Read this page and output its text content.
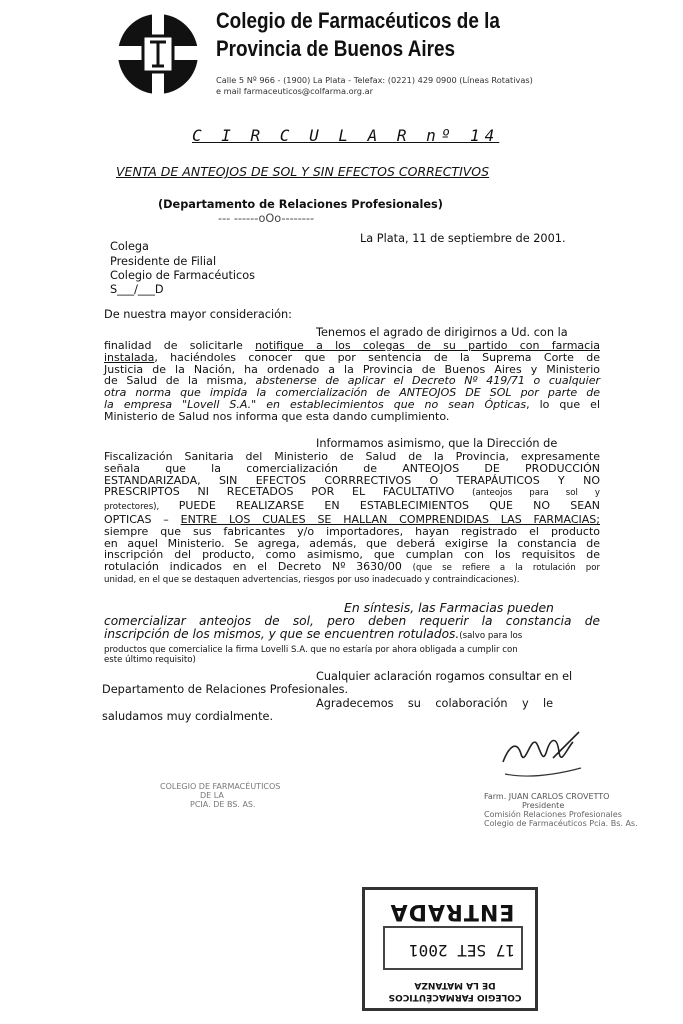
Colegio de Farmacéuticos de la
Provincia de Buenos Aires
Calle 5 Nº 966 - (1900) La Plata - Telefax: (0221) 429 0900 (Líneas Rotativas)
e mail farmaceuticos@colfarma.org.ar
C I R C U L A R nº 14
VENTA DE ANTEOJOS DE SOL Y SIN EFECTOS CORRECTIVOS
(Departamento de Relaciones Profesionales)
--- ------oOo--------
La Plata, 11 de septiembre de 2001.
Colega
Presidente de Filial
Colegio de Farmacéuticos
S___/___D
De nuestra mayor consideración:
Tenemos el agrado de dirigirnos a Ud. con la
finalidad de solicitarle notifique a los colegas de su partido con farmacia
instalada, haciéndoles conocer que por sentencia de la Suprema Corte de
Justicia de la Nación, ha ordenado a la Provincia de Buenos Aires y Ministerio
de Salud de la misma, abstenerse de aplicar el Decreto Nº 419/71 o cualquier
otra norma que impida la comercialización de ANTEOJOS DE SOL por parte de
la empresa "Lovell S.A." en establecimientos que no sean Ópticas, lo que el
Ministerio de Salud nos informa que esta dando cumplimiento.
Informamos asimismo, que la Dirección de
Fiscalización Sanitaria del Ministerio de Salud de la Provincia, expresamente
señala que la comercialización de ANTEOJOS DE PRODUCCIÓN
ESTANDARIZADA, SIN EFECTOS CORRRECTIVOS O TERAPÁUTICOS Y NO
PRESCRIPTOS NI RECETADOS POR EL FACULTATIVO (anteojos para sol y
protectores), PUEDE REALIZARSE EN ESTABLECIMIENTOS QUE NO SEAN
OPTICAS – ENTRE LOS CUALES SE HALLAN COMPRENDIDAS LAS FARMACIAS;
siempre que sus fabricantes y/o importadores, hayan registrado el producto
en aquel Ministerio. Se agrega, además, que deberá exigirse la constancia de
inscripción del producto, como asimismo, que cumplan con los requisitos de
rotulación indicados en el Decreto Nº 3630/00 (que se refiere a la rotulación por
unidad, en el que se destaquen advertencias, riesgos por uso inadecuado y contraindicaciones).
En síntesis, las Farmacias pueden
comercializar anteojos de sol, pero deben requerir la constancia de
inscripción de los mismos, y que se encuentren rotulados.(salvo para los
productos que comercialice la firma Lovelli S.A. que no estaría por ahora obligada a cumplir con
este último requisito)
Cualquier aclaración rogamos consultar en el
Departamento de Relaciones Profesionales.
Agradecemos    su    colaboración    y    le
saludamos muy cordialmente.
COLEGIO DE FARMACÉUTICOS
DE LA
PCIA. DE BS. AS.
Farm. JUAN CARLOS CROVETTO
Presidente
Comisión Relaciones Profesionales
Colegio de Farmacéuticos Pcia. Bs. As.
COLEGIO FARMACÉUTICOS
DE LA MATANZA
17 SET 2001
ENTRADA
